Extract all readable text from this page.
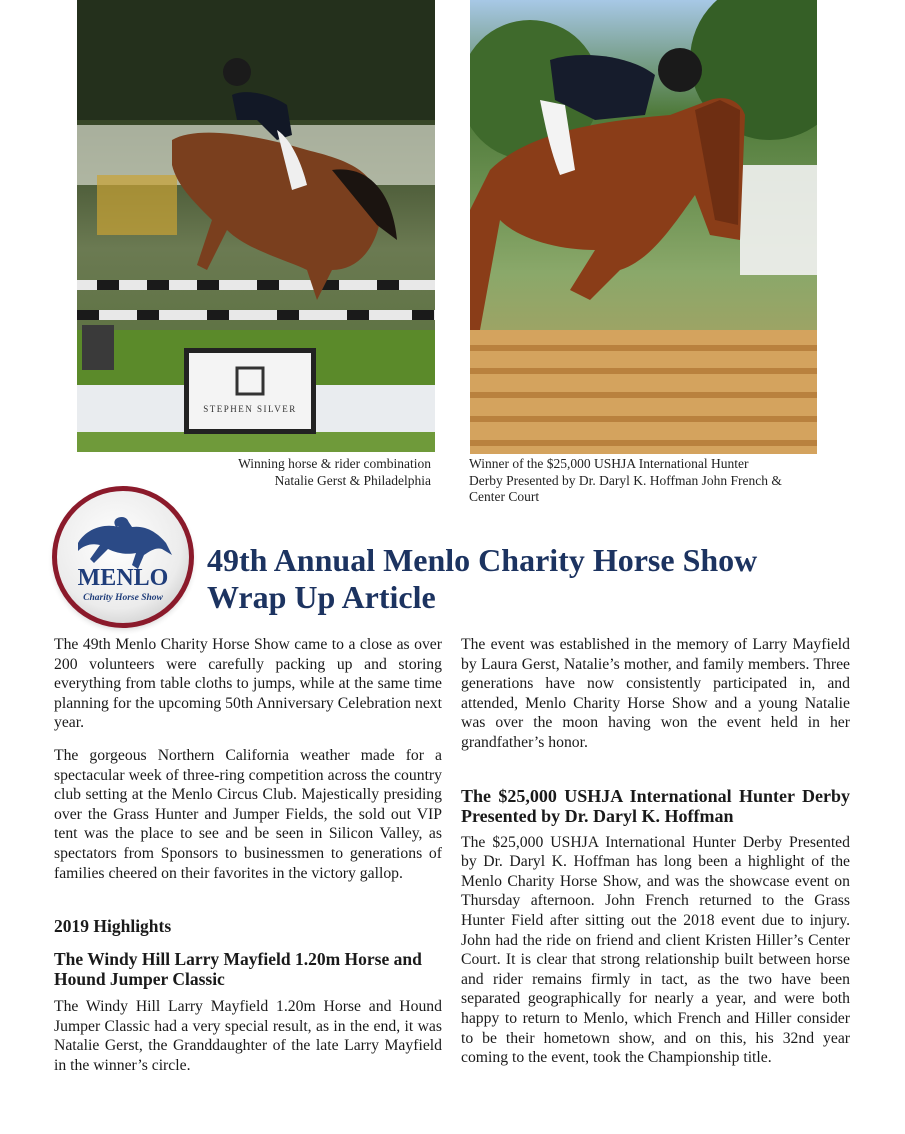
STEPHEN SILVER
Winning horse & rider combination
Natalie Gerst & Philadelphia
Winner of the $25,000 USHJA International Hunter
Derby Presented by Dr. Daryl K. Hoffman John French &
Center Court
MENLO
Charity Horse Show
49th Annual Menlo Charity Horse Show
Wrap Up Article

The 49th Menlo Charity Horse Show came to a close as over 200 volunteers were carefully packing up and storing everything from table cloths to jumps, while at the same time planning for the upcoming 50th Anniversary Celebration next year.

The gorgeous Northern California weather made for a spectacular week of three-ring competition across the country club setting at the Menlo Circus Club. Majestically presiding over the Grass Hunter and Jumper Fields, the sold out VIP tent was the place to see and be seen in Silicon Valley, as spectators from Sponsors to businessmen to generations of families cheered on their favorites in the victory gallop.

2019 Highlights
The Windy Hill Larry Mayfield 1.20m Horse and Hound Jumper Classic

The Windy Hill Larry Mayfield 1.20m Horse and Hound Jumper Classic had a very special result, as in the end, it was Natalie Gerst, the Granddaughter of the late Larry Mayfield in the winner’s circle.

The event was established in the memory of Larry Mayfield by Laura Gerst, Natalie’s mother, and family members. Three generations have now consistently participated in, and attended, Menlo Charity Horse Show and a young Natalie was over the moon having won the event held in her grandfather’s honor.

The $25,000 USHJA International Hunter Derby Presented by Dr. Daryl K. Hoffman

The $25,000 USHJA International Hunter Derby Presented by Dr. Daryl K. Hoffman has long been a highlight of the Menlo Charity Horse Show, and was the showcase event on Thursday afternoon. John French returned to the Grass Hunter Field after sitting out the 2018 event due to injury. John had the ride on friend and client Kristen Hiller’s Center Court. It is clear that strong relationship built between horse and rider remains firmly in tact, as the two have been separated geographically for nearly a year, and were both happy to return to Menlo, which French and Hiller consider to be their hometown show, and on this, his 32nd year coming to the event, took the Championship title.
